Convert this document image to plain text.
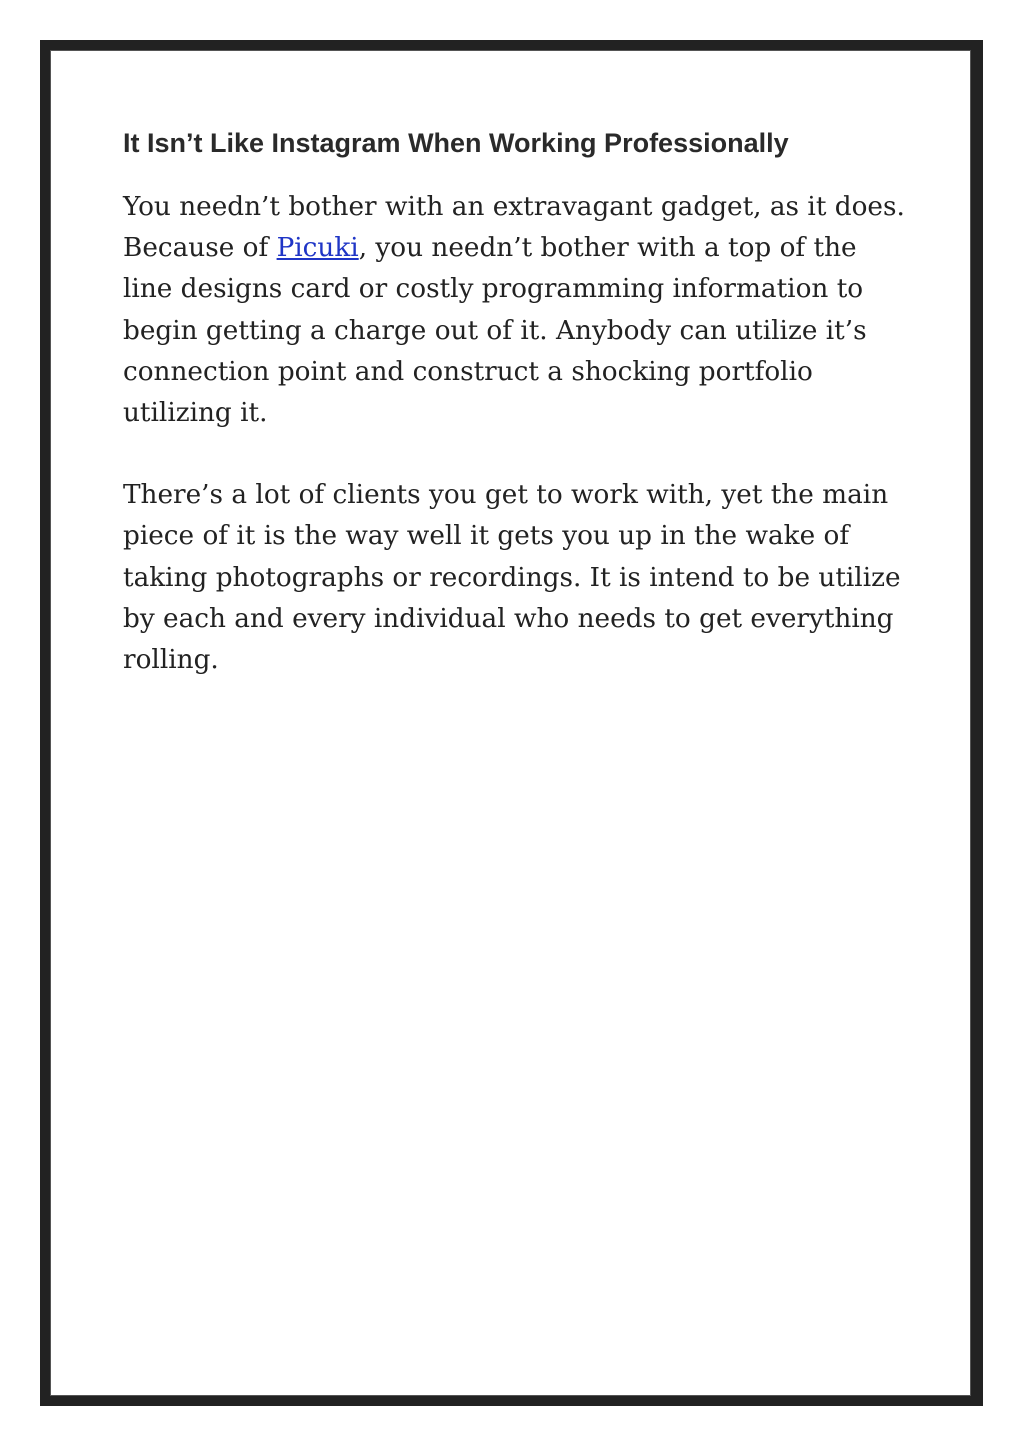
It Isn’t Like Instagram When Working Professionally

You needn’t bother with an extravagant gadget, as it does. Because of Picuki, you needn’t bother with a top of the line designs card or costly programming information to begin getting a charge out of it. Anybody can utilize it’s connection point and construct a shocking portfolio utilizing it.

There’s a lot of clients you get to work with, yet the main piece of it is the way well it gets you up in the wake of taking photographs or recordings. It is intend to be utilize by each and every individual who needs to get everything rolling.
